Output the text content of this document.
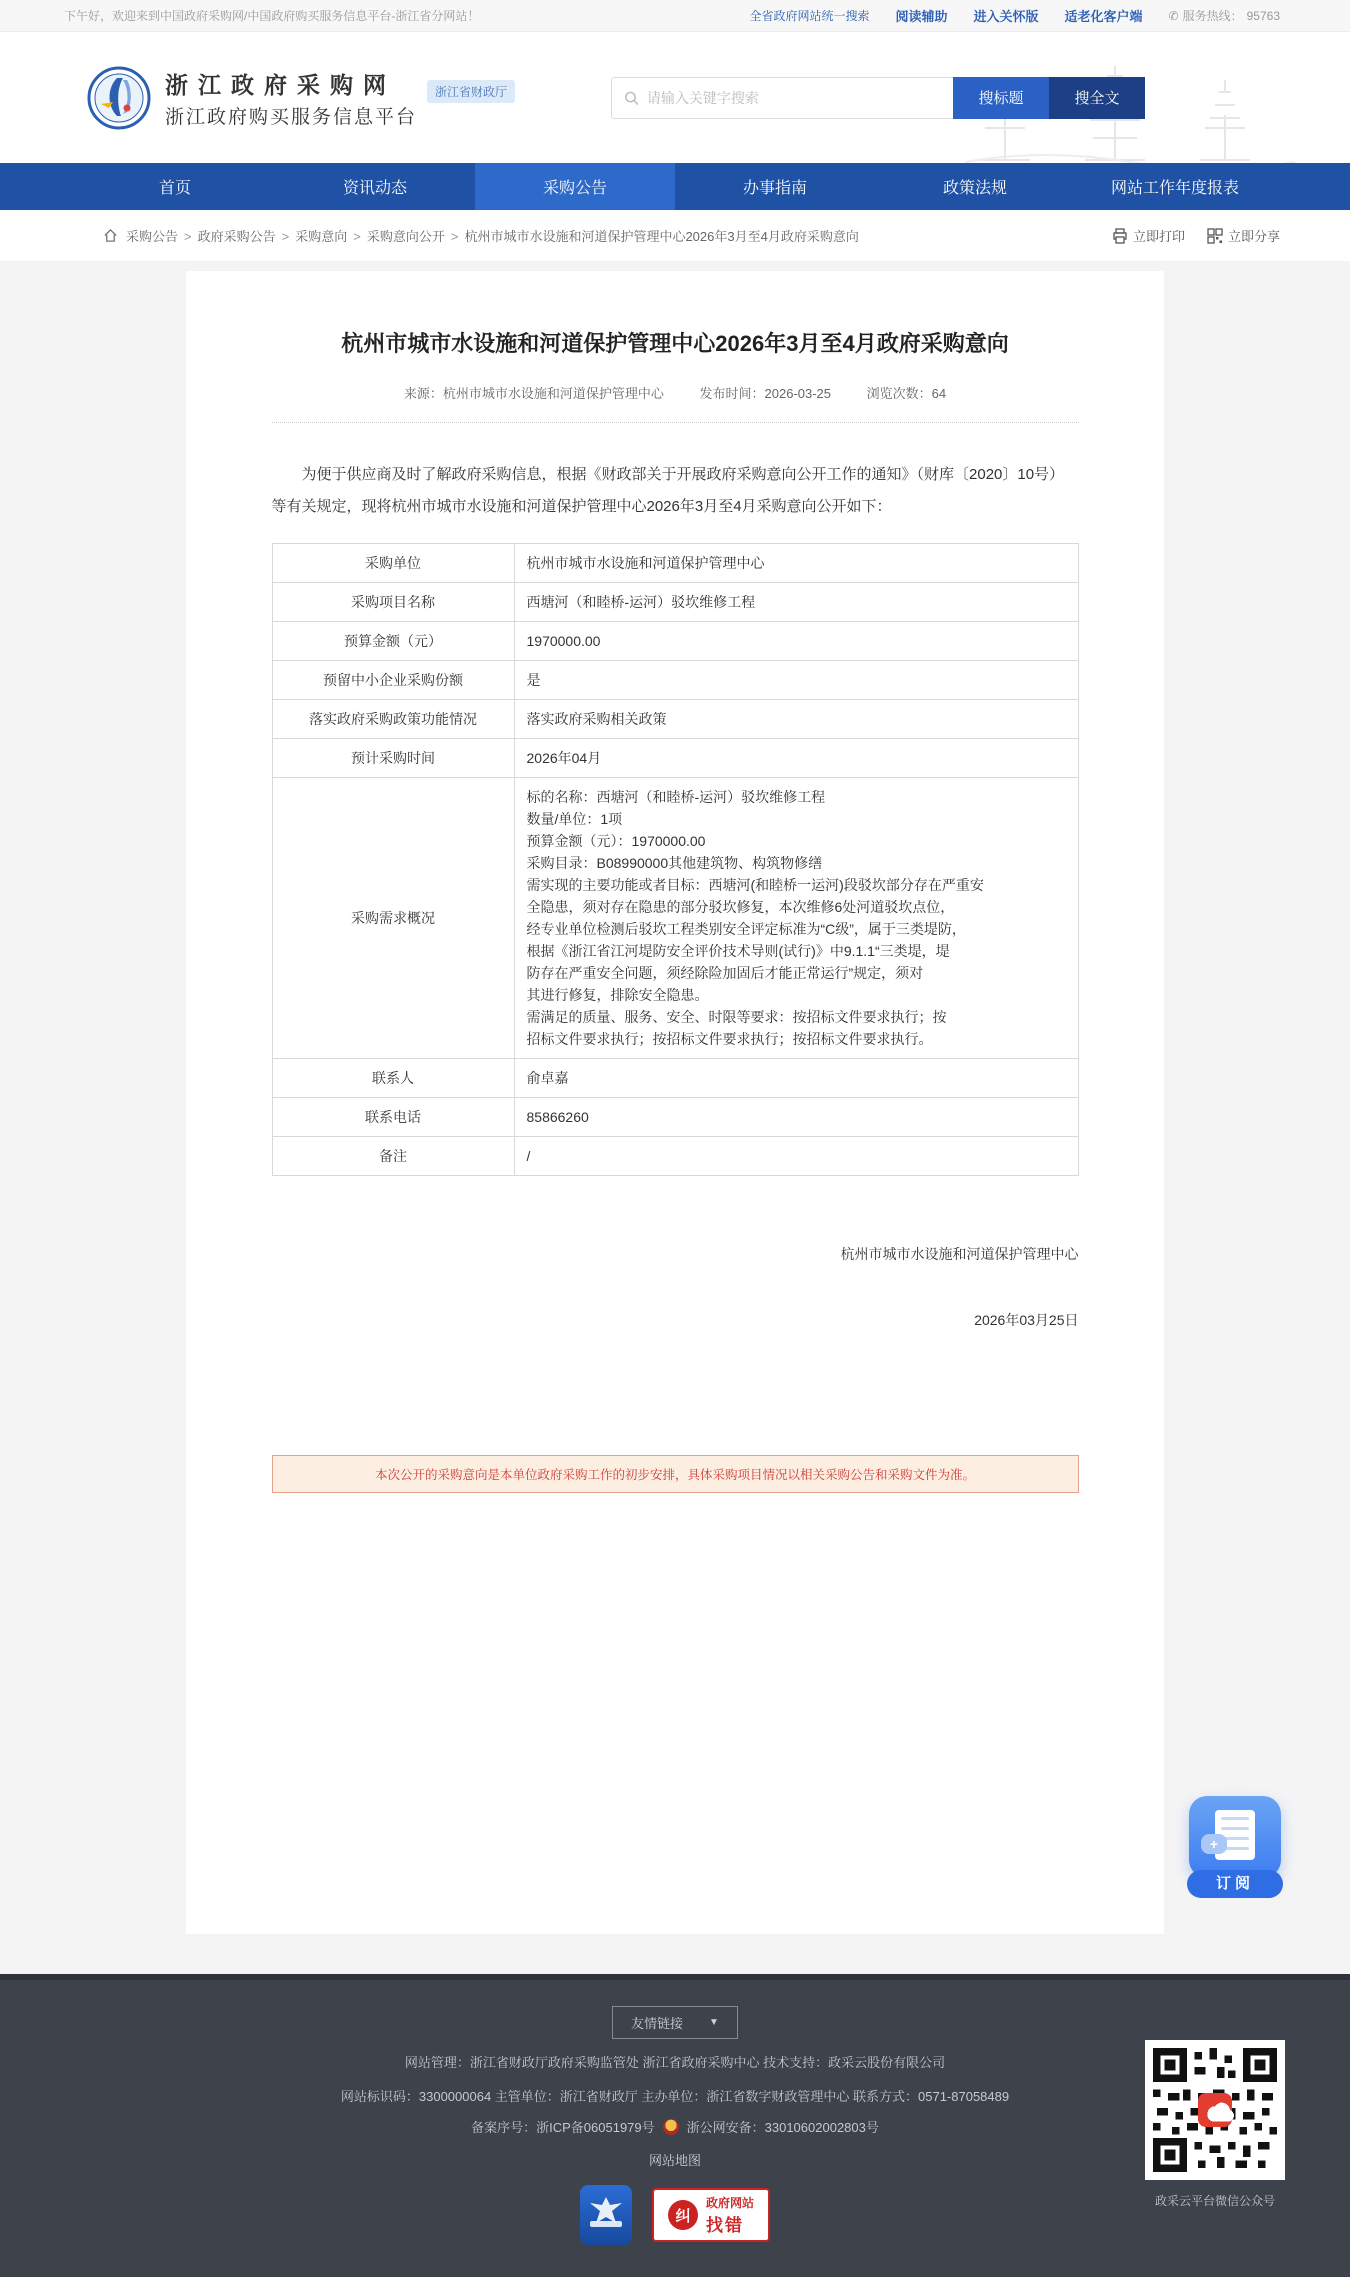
下午好，欢迎来到中国政府采购网/中国政府购买服务信息平台-浙江省分网站！	全省政府网站统一搜索 阅读辅助 进入关怀版 适老化客户端 ✆ 服务热线： 95763
浙江政府采购网
浙江政府购买服务信息平台
浙江省财政厅
请输入关键字搜索	搜标题	搜全文
首页	资讯动态	采购公告	办事指南	政策法规	网站工作年度报表
采购公告 >	政府采购公告 >	采购意向 >	采购意向公开 >	杭州市城市水设施和河道保护管理中心2026年3月至4月政府采购意向	立即打印	立即分享
杭州市城市水设施和河道保护管理中心2026年3月至4月政府采购意向
来源：杭州市城市水设施和河道保护管理中心	发布时间：2026-03-25	浏览次数：64

为便于供应商及时了解政府采购信息，根据《财政部关于开展政府采购意向公开工作的通知》（财库〔2020〕10号）等有关规定，现将杭州市城市水设施和河道保护管理中心2026年3月至4月采购意向公开如下：

采购单位	杭州市城市水设施和河道保护管理中心
采购项目名称	西塘河（和睦桥-运河）驳坎维修工程
预算金额（元）	1970000.00
预留中小企业采购份额	是
落实政府采购政策功能情况	落实政府采购相关政策
预计采购时间	2026年04月
采购需求概况	标的名称：西塘河（和睦桥-运河）驳坎维修工程
数量/单位：1项
预算金额（元）：1970000.00
采购目录：B08990000其他建筑物、构筑物修缮
需实现的主要功能或者目标：西塘河(和睦桥一运河)段驳坎部分存在严重安
全隐患，须对存在隐患的部分驳坎修复，本次维修6处河道驳坎点位，
经专业单位检测后驳坎工程类别安全评定标准为“C级”，属于三类堤防，
根据《浙江省江河堤防安全评价技术导则(试行)》中9.1.1“三类堤，堤
防存在严重安全问题，须经除险加固后才能正常运行”规定，须对
其进行修复，排除安全隐患。
需满足的质量、服务、安全、时限等要求：按招标文件要求执行；按
招标文件要求执行；按招标文件要求执行；按招标文件要求执行。
联系人	俞卓嘉
联系电话	85866260
备注	/
杭州市城市水设施和河道保护管理中心
2026年03月25日
本次公开的采购意向是本单位政府采购工作的初步安排，具体采购项目情况以相关采购公告和采购文件为准。
+
订阅
友情链接	▼
网站管理：浙江省财政厅政府采购监管处 浙江省政府采购中心 技术支持：政采云股份有限公司
网站标识码：3300000064 主管单位：浙江省财政厅 主办单位：浙江省数字财政管理中心 联系方式：0571-87058489
备案序号：浙ICP备06051979号 浙公网安备：33010602002803号
网站地图
纠
政府网站
找错
政采云平台微信公众号
